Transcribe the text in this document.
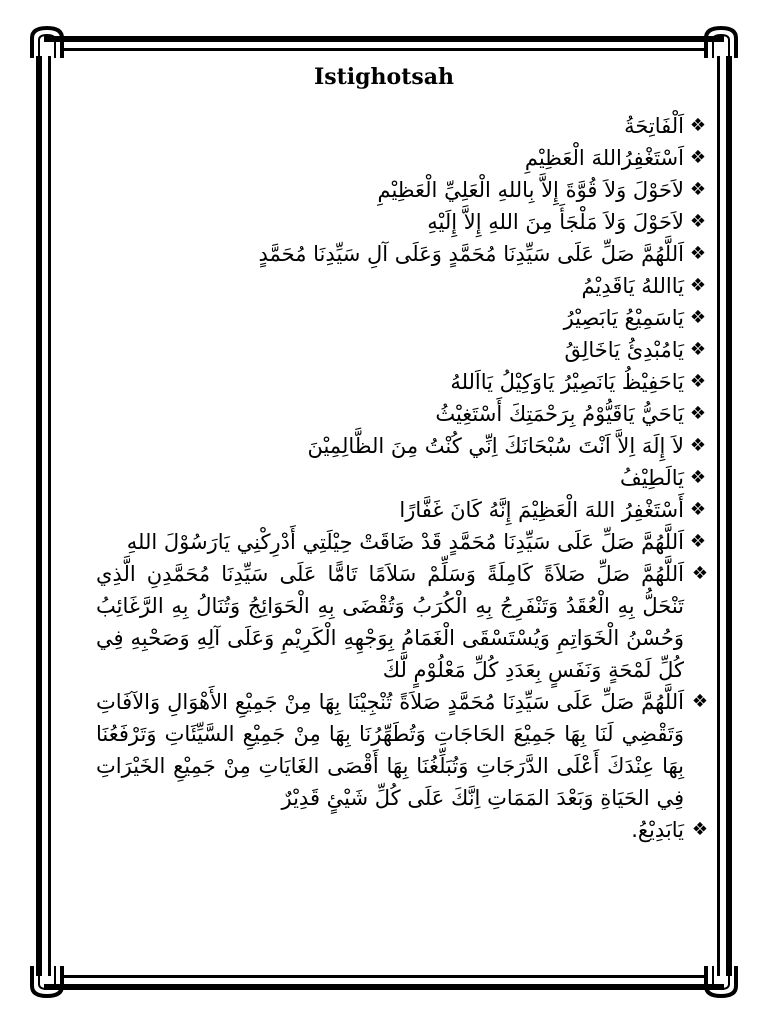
Istighotsah
❖
اَلْفَاتِحَةُ
❖
اَسْتَغْفِرُاللهَ الْعَظِيْمِ
❖
لاَحَوْلَ وَلاَ قُوَّةَ إِلاَّ بِاللهِ الْعَلِيِّ الْعَظِيْمِ
❖
لاَحَوْلَ وَلاَ مَلْجَأَ مِنَ اللهِ إِلاَّ إِلَيْهِ
❖
اَللَّهُمَّ صَلِّ عَلَى سَيِّدِنَا مُحَمَّدٍ وَعَلَى آلِ سَيِّدِنَا مُحَمَّدٍ
❖
يَااللهُ يَاقَدِيْمُ
❖
يَاسَمِيْعُ يَابَصِيْرُ
❖
يَامُبْدِئُ يَاخَالِقُ
❖
يَاحَفِيْظُ يَانَصِيْرُ يَاوَكِيْلُ يَااَللهُ
❖
يَاحَيُّ يَاقَيُّوْمُ بِرَحْمَتِكَ أَسْتَغِيْثُ
❖
لاَ إِلَهَ اِلاَّ اَنْتَ سُبْحَانَكَ اِنِّي كُنْتُ مِنَ الظَّالِمِيْنَ
❖
يَالَطِيْفُ
❖
أَسْتَغْفِرُ اللهَ الْعَظِيْمَ إِنَّهُ كَانَ غَفَّارًا
❖
اَللَّهُمَّ صَلِّ عَلَى سَيِّدِنَا مُحَمَّدٍ قَدْ ضَاقَتْ حِيْلَتِي أَدْرِكْنِي يَارَسُوْلَ اللهِ
❖
اَللَّهُمَّ صَلِّ صَلاَةً كَامِلَةً وَسَلِّمْ سَلاَمًا تَامًّا عَلَى سَيِّدِنَا مُحَمَّدِنِ الَّذِي تَنْحَلُّ بِهِ الْعُقَدُ وَتَنْفَرِجُ بِهِ الْكُرَبُ وَتُقْضَى بِهِ الْحَوَائِجُ وَتُنَالُ بِهِ الرَّغَائِبُ وَحُسْنُ الْخَوَاتِمِ وَيُسْتَسْقَى الْغَمَامُ بِوَجْهِهِ الْكَرِيْمِ وَعَلَى آلِهِ وَصَحْبِهِ فِي كُلِّ لَمْحَةٍ وَنَفَسٍ بِعَدَدِ كُلِّ مَعْلُوْمٍ لَّكَ
❖
اَللَّهُمَّ صَلِّ عَلَى سَيِّدِنَا مُحَمَّدٍ صَلاَةً تُنْجِيْنَا بِهَا مِنْ جَمِيْعِ الأَهْوَالِ وَالآفَاتِ وَتَقْضِي لَنَا بِهَا جَمِيْعَ الحَاجَاتِ وَتُطَهِّرُنَا بِهَا مِنْ جَمِيْعِ السَّيِّئَاتِ وَتَرْفَعُنَا بِهَا عِنْدَكَ أَعْلَى الدَّرَجَاتِ وَتُبَلِّغُنَا بِهَا أَقْصَى الغَايَاتِ مِنْ جَمِيْعِ الخَيْرَاتِ فِي الحَيَاةِ وَبَعْدَ المَمَاتِ اِنَّكَ عَلَى كُلِّ شَيْئٍ قَدِيْرٌ
❖
يَابَدِيْعُ.
